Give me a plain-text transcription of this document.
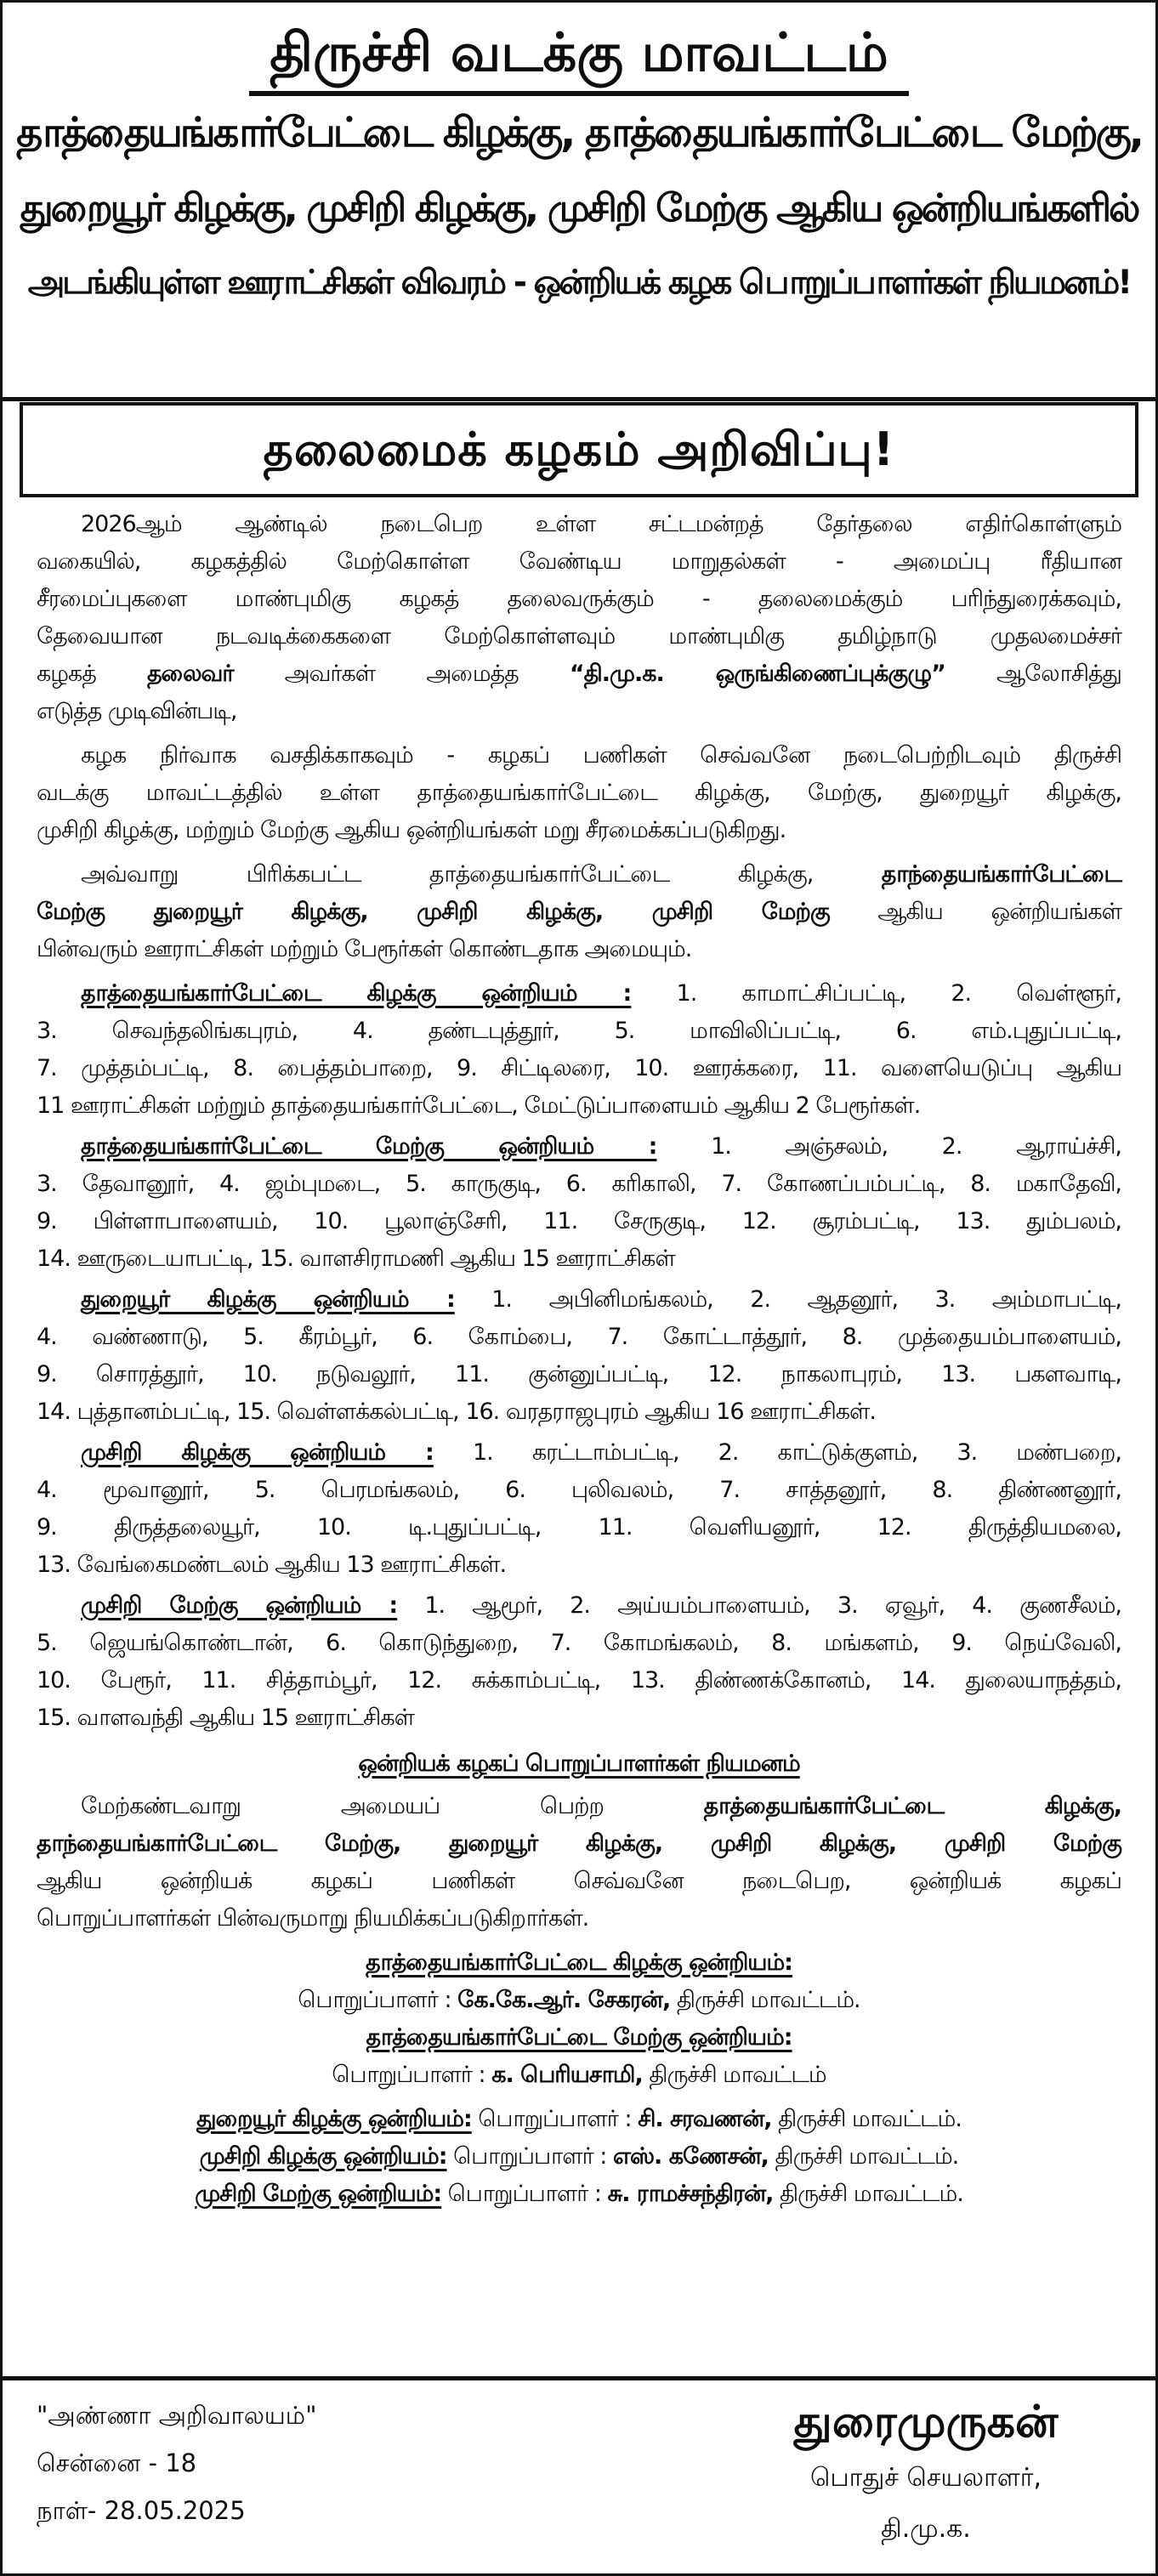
திருச்சி வடக்கு மாவட்டம்
தாத்தையங்கார்பேட்டை கிழக்கு, தாத்தையங்கார்பேட்டை மேற்கு,
துறையூர் கிழக்கு, முசிறி கிழக்கு, முசிறி மேற்கு ஆகிய ஒன்றியங்களில்
அடங்கியுள்ள ஊராட்சிகள் விவரம் - ஒன்றியக் கழக பொறுப்பாளர்கள் நியமனம்!
தலைமைக் கழகம் அறிவிப்பு!
2026ஆம் ஆண்டில் நடைபெற உள்ள சட்டமன்றத் தேர்தலை எதிர்கொள்ளும்
வகையில், கழகத்தில் மேற்கொள்ள வேண்டிய மாறுதல்கள் - அமைப்பு ரீதியான
சீரமைப்புகளை மாண்புமிகு கழகத் தலைவருக்கும் - தலைமைக்கும் பரிந்துரைக்கவும்,
தேவையான நடவடிக்கைகளை மேற்கொள்ளவும் மாண்புமிகு தமிழ்நாடு முதலமைச்சர்
கழகத் தலைவர் அவர்கள் அமைத்த “தி.மு.க. ஒருங்கிணைப்புக்குழு” ஆலோசித்து
எடுத்த முடிவின்படி,
கழக நிர்வாக வசதிக்காகவும் - கழகப் பணிகள் செவ்வனே நடைபெற்றிடவும் திருச்சி
வடக்கு மாவட்டத்தில் உள்ள தாத்தையங்கார்பேட்டை கிழக்கு, மேற்கு, துறையூர் கிழக்கு,
முசிறி கிழக்கு, மற்றும் மேற்கு ஆகிய ஒன்றியங்கள் மறு சீரமைக்கப்படுகிறது.
அவ்வாறு பிரிக்கபட்ட தாத்தையங்கார்பேட்டை கிழக்கு,	தாந்தையங்கார்பேட்டை
மேற்கு துறையூர் கிழக்கு, முசிறி கிழக்கு, முசிறி மேற்கு ஆகிய ஒன்றியங்கள்
பின்வரும் ஊராட்சிகள் மற்றும் பேரூர்கள் கொண்டதாக அமையும்.
தாத்தையங்கார்பேட்டை கிழக்கு ஒன்றியம் : 1. காமாட்சிப்பட்டி, 2. வெள்ளூர்,
3. செவந்தலிங்கபுரம், 4. தண்டபுத்தூர், 5. மாவிலிப்பட்டி, 6. எம்.புதுப்பட்டி,
7. முத்தம்பட்டி, 8. பைத்தம்பாறை, 9. சிட்டிலரை, 10. ஊரக்கரை, 11. வளையெடுப்பு ஆகிய
11 ஊராட்சிகள் மற்றும் தாத்தையங்கார்பேட்டை, மேட்டுப்பாளையம் ஆகிய 2 பேரூர்கள்.
தாத்தையங்கார்பேட்டை மேற்கு ஒன்றியம் : 1. அஞ்சலம், 2. ஆராய்ச்சி,
3. தேவானூர், 4. ஜம்புமடை, 5. காருகுடி, 6. கரிகாலி, 7. கோணப்பம்பட்டி, 8. மகாதேவி,
9. பிள்ளாபாளையம், 10. பூலாஞ்சேரி, 11. சேருகுடி, 12. சூரம்பட்டி, 13. தும்பலம்,
14. ஊருடையாபட்டி, 15. வாளசிராமணி ஆகிய 15 ஊராட்சிகள்
துறையூர் கிழக்கு ஒன்றியம் : 1. அபினிமங்கலம், 2. ஆதனூர், 3. அம்மாபட்டி,
4. வண்ணாடு, 5. கீரம்பூர், 6. கோம்பை, 7. கோட்டாத்தூர், 8. முத்தையம்பாளையம்,
9. சொரத்தூர், 10. நடுவலூர், 11. குன்னுப்பட்டி, 12. நாகலாபுரம், 13. பகளவாடி,
14. புத்தானம்பட்டி, 15. வெள்ளக்கல்பட்டி, 16. வரதராஜபுரம் ஆகிய 16 ஊராட்சிகள்.
முசிறி கிழக்கு ஒன்றியம் : 1. கரட்டாம்பட்டி, 2. காட்டுக்குளம், 3. மண்பறை,
4. மூவானூர், 5. பெரமங்கலம், 6. புலிவலம், 7. சாத்தனூர், 8. திண்ணனூர்,
9. திருத்தலையூர், 10. டி.புதுப்பட்டி, 11. வெளியனூர், 12. திருத்தியமலை,
13. வேங்கைமண்டலம் ஆகிய 13 ஊராட்சிகள்.
முசிறி மேற்கு ஒன்றியம் : 1. ஆமூர், 2. அய்யம்பாளையம், 3. ஏவூர், 4. குணசீலம்,
5. ஜெயங்கொண்டான், 6. கொடுந்துறை, 7. கோமங்கலம், 8. மங்களம், 9. நெய்வேலி,
10. பேரூர், 11. சித்தாம்பூர், 12. சுக்காம்பட்டி, 13. திண்ணக்கோனம், 14. துலையாநத்தம்,
15. வாளவந்தி ஆகிய 15 ஊராட்சிகள்
ஒன்றியக் கழகப் பொறுப்பாளர்கள் நியமனம்
மேற்கண்டவாறு அமையப் பெற்ற	தாத்தையங்கார்பேட்டை கிழக்கு,
தாந்தையங்கார்பேட்டை மேற்கு, துறையூர் கிழக்கு, முசிறி கிழக்கு, முசிறி மேற்கு
ஆகிய ஒன்றியக் கழகப் பணிகள் செவ்வனே நடைபெற, ஒன்றியக் கழகப்
பொறுப்பாளர்கள் பின்வருமாறு நியமிக்கப்படுகிறார்கள்.
தாத்தையங்கார்பேட்டை கிழக்கு ஒன்றியம்:
பொறுப்பாளர் : கே.கே.ஆர். சேகரன், திருச்சி மாவட்டம்.
தாத்தையங்கார்பேட்டை மேற்கு ஒன்றியம்:
பொறுப்பாளர் : க. பெரியசாமி, திருச்சி மாவட்டம்
துறையூர் கிழக்கு ஒன்றியம்: பொறுப்பாளர் : சி. சரவணன், திருச்சி மாவட்டம்.
முசிறி கிழக்கு ஒன்றியம்: பொறுப்பாளர் : எஸ். கணேசன், திருச்சி மாவட்டம்.
முசிறி மேற்கு ஒன்றியம்: பொறுப்பாளர் : சு. ராமச்சந்திரன், திருச்சி மாவட்டம்.
"அண்ணா அறிவாலயம்"
சென்னை - 18
நாள்- 28.05.2025
துரைமுருகன்
பொதுச் செயலாளர்,
தி.மு.க.
